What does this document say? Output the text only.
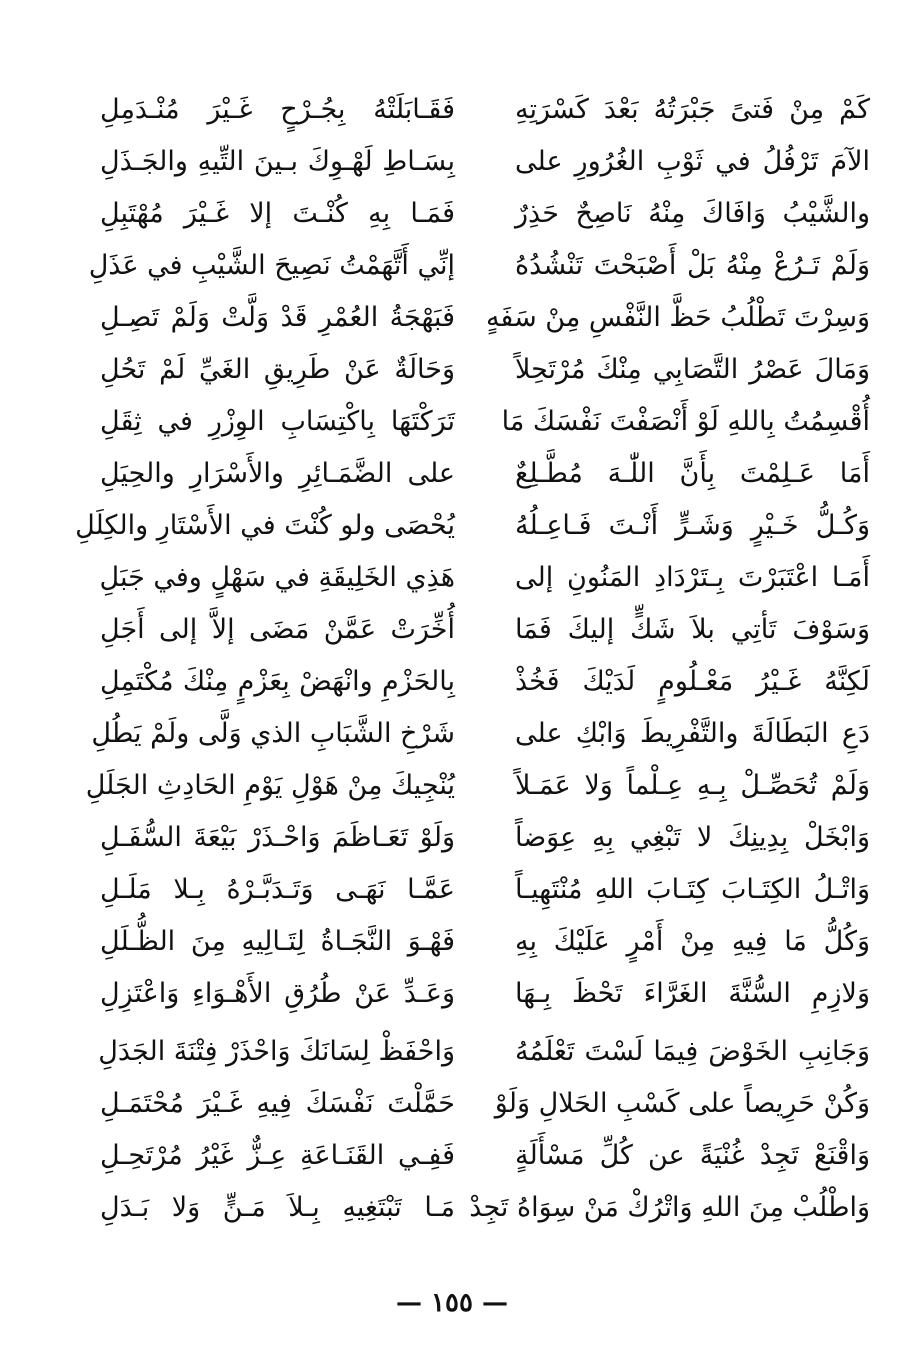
كَمْ مِنْ فَتىً جَبْرَتُهُ بَعْدَ كَسْرَتِهِ
فَقَـابَلَتْهُ بِجُـرْحٍ غَـيْرَ مُنْـدَمِلِ
الآمَ تَرْفُلُ في ثَوْبِ الغُرُورِ على
بِسَـاطِ لَهْـوِكَ بـينَ التِّيهِ والجَـذَلِ
والشَّيْبُ وَافَاكَ مِنْهُ نَاصِحٌ حَذِرٌ
فَمَـا بِهِ كُنْـتَ إلا غَـيْرَ مُهْتَبِلِ
وَلَمْ تَـرُعْ مِنْهُ بَلْ أَصْبَحْتَ تَنْشُدُهُ
إنِّي أَتَّهَمْتُ نَصِيحَ الشَّيْبِ في عَذَلِ
وَسِرْتَ تَطْلُبُ حَظَّ النَّفْسِ مِنْ سَفَهٍ
فَبَهْجَةُ العُمْرِ قَدْ وَلَّتْ وَلَمْ تَصِـلِ
وَمَالَ عَصْرُ التَّصَابِي مِنْكَ مُرْتَحِلاً
وَحَالَةٌ عَنْ طَرِيقِ الغَيِّ لَمْ تَحُلِ
أُقْسِمُتُ بِاللهِ لَوْ أَنْصَفْتَ نَفْسَكَ مَا
تَرَكْتَهَا بِاكْتِسَابِ الوِزْرِ في ثِقَلِ
أَمَا عَـلِمْتَ بِأَنَّ اللّٰـهَ مُطَّـلِعٌ
على الضَّمَـائِرِ والأَسْرَارِ والحِيَلِ
وَكُـلُّ خَـيْرٍ وَشَـرٍّ أَنْـتَ فَـاعِـلُهُ
يُحْصَى ولو كُنْتَ في الأَسْتَارِ والكِلَلِ
أَمَـا اعْتَبَرْتَ بِـتَرْدَادِ المَنُونِ إلى
هَذِي الخَلِيقَةِ في سَهْلٍ وفي جَبَلِ
وَسَوْفَ تَأتِي بلاَ شَكٍّ إليكَ فَمَا
أُخِّرَتْ عَمَّنْ مَضَى إلاَّ إلى أَجَلِ
لَكِنَّهُ غَـيْرُ مَعْـلُومٍ لَدَيْكَ فَخُذْ
بِالحَزْمِ وانْهَضْ بِعَزْمٍ مِنْكَ مُكْتَمِلِ
دَعِ البَطَالَةَ والتَّفْرِيطَ وَابْكِ على
شَرْخِ الشَّبَابِ الذي وَلَّى ولَمْ يَطُلِ
وَلَمْ تُحَصِّـلْ بِـهِ عِـلْماً وَلا عَمَـلاً
يُنْجِيكَ مِنْ هَوْلِ يَوْمِ الحَادِثِ الجَلَلِ
وَابْخَلْ بِدِينِكَ لا تَبْغِي بِهِ عِوَضاً
وَلَوْ تَعَـاظَمَ وَاحْـذَرْ بَيْعَةَ السُّفَـلِ
وَاتْـلُ الكِتَـابَ كِتَـابَ اللهِ مُنْتَهِيـاً
عَمَّـا نَهَـى وَتَـدَبَّـرْهُ بِـلا مَلَـلِ
وَكُلُّ مَا فِيهِ مِنْ أَمْرٍ عَلَيْكَ بِهِ
فَهْـوَ النَّجَـاةُ لِتَـالِيهِ مِنَ الظُّـلَلِ
وَلازِمِ السُّنَّةَ الغَرَّاءَ تَحْظَ بِـهَا
وَعَـدِّ عَنْ طُرُقِ الأَهْـوَاءِ وَاعْتَزِلِ
وَجَانِبِ الخَوْضَ فِيمَا لَسْتَ تَعْلَمُهُ
وَاحْفَظْ لِسَانَكَ وَاحْذَرْ فِتْنَةَ الجَدَلِ
وَكُنْ حَرِيصاً على كَسْبِ الحَلالِ وَلَوْ
حَمَّلْتَ نَفْسَكَ فِيهِ غَـيْرَ مُحْتَمَـلِ
وَاقْنَعْ تَجِدْ غُنْيَةً عن كُلِّ مَسْأَلَةٍ
فَفِـي القَنَـاعَةِ عِـزٌّ غَيْرُ مُرْتَحِـلِ
وَاطْلُبْ مِنَ اللهِ وَاتْرُكْ مَنْ سِوَاهُ تَجِدْ
مَـا تَبْتَغِيهِ بِـلاَ مَـنٍّ وَلا بَـدَلِ
— ١٥٥ —
